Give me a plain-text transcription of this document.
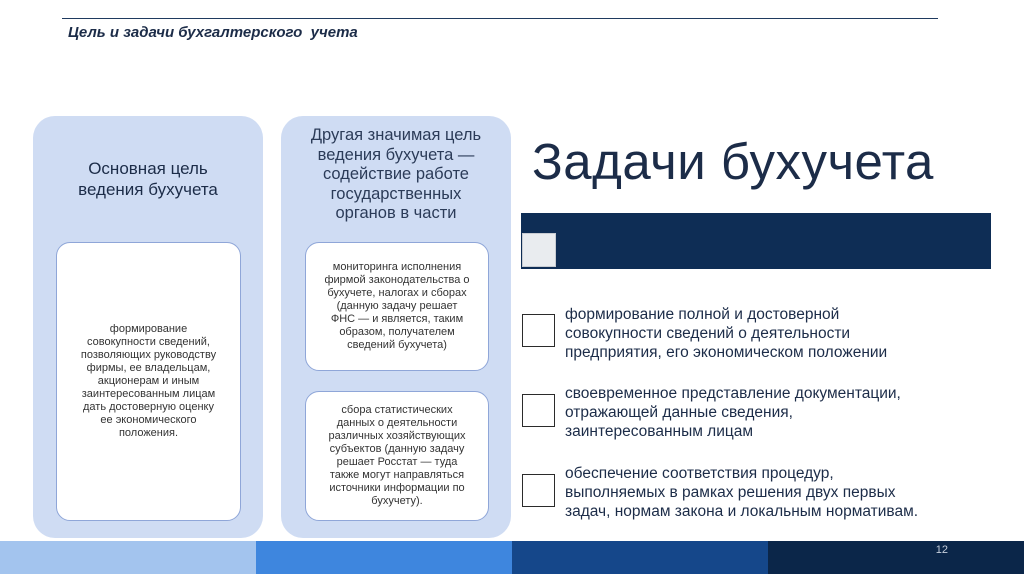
Цель и задачи бухгалтерского  учета
Основная цель
ведения бухучета
формирование
совокупности сведений,
позволяющих руководству
фирмы, ее владельцам,
акционерам и иным
заинтересованным лицам
дать достоверную оценку
ее экономического
положения.
Другая значимая цель
ведения бухучета —
содействие работе
государственных
органов в части
мониторинга исполнения
фирмой законодательства о
бухучете, налогах и сборах
(данную задачу решает
ФНС — и является, таким
образом, получателем
сведений бухучета)
сбора статистических
данных о деятельности
различных хозяйствующих
субъектов (данную задачу
решает Росстат — туда
также могут направляться
источники информации по
бухучету).
Задачи бухучета
формирование полной и достоверной
совокупности сведений о деятельности
предприятия, его экономическом положении
своевременное представление документации,
отражающей данные сведения,
заинтересованным лицам
обеспечение соответствия процедур,
выполняемых в рамках решения двух первых
задач, нормам закона и локальным нормативам.
12
